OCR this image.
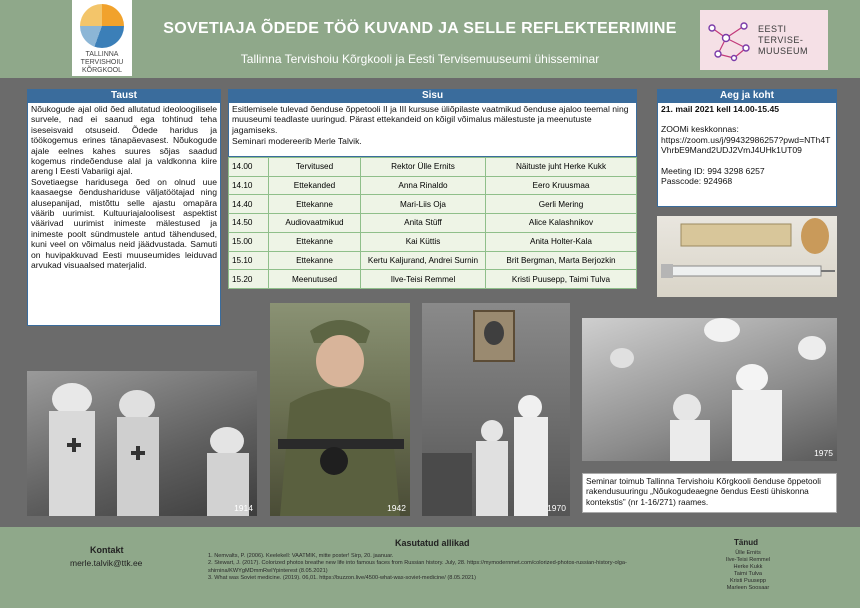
TALLINNA
TERVISHOIU
KÕRGKOOL
SOVETIAJA ÕDEDE TÖÖ KUVAND JA SELLE REFLEKTEERIMINE
Tallinna Tervishoiu Kõrgkooli ja Eesti Tervisemuuseumi ühisseminar
EESTI
TERVISE-
MUUSEUM
Taust

Nõukogude ajal olid õed allutatud ideoloogilisele survele, nad ei saanud ega tohtinud teha iseseisvaid otsuseid. Õdede haridus ja töökogemus erines tänapäevasest. Nõukogude ajale eelnes kahes suures sõjas saadud kogemus rindeõenduse alal ja valdkonna kiire areng I Eesti Vabariigi ajal.

Sovetiaegse haridusega õed on olnud uue kaasaegse õendushariduse väljatöötajad ning alusepanijad, mistõttu selle ajastu omapära väärib uurimist. Kultuuriajaloolisest aspektist väärivad uurimist inimeste mälestused ja inimeste poolt sündmustele antud tähendused, kuni veel on võimalus neid jäädvustada. Samuti on huvipakkuvad Eesti muuseumides leiduvad arvukad visuaalsed materjalid.

Sisu

Esitlemisele tulevad õenduse õppetooli II ja III kursuse üliõpilaste vaatmikud õenduse ajaloo teemal ning muuseumi teadlaste uuringud. Pärast ettekandeid on kõigil võimalus mälestuste ja meenutuste jagamiseks.

Seminari modereerib Merle Talvik.

14.00	Tervitused	Rektor Ülle Ernits	Näituste juht Herke Kukk
14.10	Ettekanded	Anna Rinaldo	Eero Kruusmaa
14.40	Ettekanne	Mari-Liis Oja	Gerli Mering
14.50	Audiovaatmikud	Anita Stüff	Alice Kalashnikov
15.00	Ettekanne	Kai Küttis	Anita Holter-Kala
15.10	Ettekanne	Kertu Kaljurand, Andrei Surnin	Brit Bergman, Marta Berjozkin
15.20	Meenutused	Ilve-Teisi Remmel	Kristi Puusepp, Taimi Tulva
Aeg ja koht
21. mail 2021 kell 14.00-15.45
ZOOMi keskkonnas:
https://zoom.us/j/99432986257?pwd=NTh4TVhrbE9Mand2UDJ2VmJ4UHk1UT09
Meeting ID: 994 3298 6257
Passcode: 924968
1914	1942	1970
1975
Seminar toimub Tallinna Tervishoiu Kõrgkooli õenduse õppetooli rakendusuuringu „Nõukogudeaegne õendus Eesti ühiskonna kontekstis” (nr 1-16/271) raames.
Kontakt
merle.talvik@ttk.ee
Kasutatud allikad
1. Nemvalts, P. (2006). Keelekell: VAATMIK, mitte poster! Sirp, 20. jaanuar.
2. Stewart, J. (2017). Colorized photos breathe new life into famous faces from Russian history. July, 28. https://mymodernmet.com/colorized-photos-russian-history-olga-shirnina/KWYgMDmmRwIYpinterest (8.05.2021)
3. What was Soviet medicine. (2019). 06,01. https://buzzon.live/4500-what-was-soviet-medicine/ (8.05.2021)
Tänud
Ülle Ernits
Ilve-Teisi Remmel
Herke Kukk
Taimi Tulva
Kristi Puusepp
Marleen Soosaar
